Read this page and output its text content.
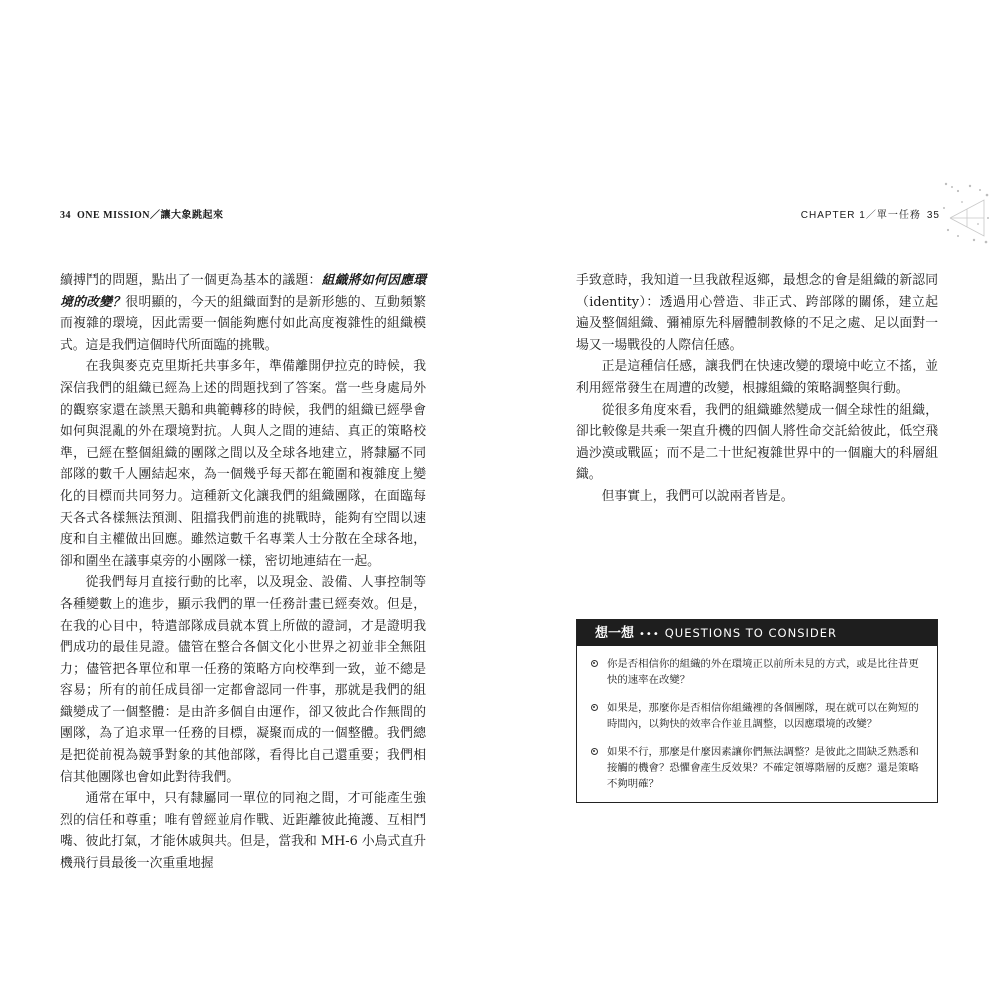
34 ONE MISSION／讓大象跳起來	CHAPTER 1／單一任務 35

續搏鬥的問題，點出了一個更為基本的議題：組織將如何因應環境的改變？很明顯的，今天的組織面對的是新形態的、互動頻繁而複雜的環境，因此需要一個能夠應付如此高度複雜性的組織模式。這是我們這個時代所面臨的挑戰。

在我與麥克克里斯托共事多年，準備離開伊拉克的時候，我深信我們的組織已經為上述的問題找到了答案。當一些身處局外的觀察家還在談黑天鵝和典範轉移的時候，我們的組織已經學會如何與混亂的外在環境對抗。人與人之間的連結、真正的策略校準，已經在整個組織的團隊之間以及全球各地建立，將隸屬不同部隊的數千人團結起來，為一個幾乎每天都在範圍和複雜度上變化的目標而共同努力。這種新文化讓我們的組織團隊，在面臨每天各式各樣無法預測、阻擋我們前進的挑戰時，能夠有空間以速度和自主權做出回應。雖然這數千名專業人士分散在全球各地，卻和圍坐在議事桌旁的小團隊一樣，密切地連結在一起。

從我們每月直接行動的比率，以及現金、設備、人事控制等各種變數上的進步，顯示我們的單一任務計畫已經奏效。但是，在我的心目中，特遣部隊成員就本質上所做的證詞，才是證明我們成功的最佳見證。儘管在整合各個文化小世界之初並非全無阻力；儘管把各單位和單一任務的策略方向校準到一致，並不總是容易；所有的前任成員卻一定都會認同一件事，那就是我們的組織變成了一個整體：是由許多個自由運作，卻又彼此合作無間的團隊，為了追求單一任務的目標，凝聚而成的一個整體。我們總是把從前視為競爭對象的其他部隊，看得比自己還重要；我們相信其他團隊也會如此對待我們。

通常在軍中，只有隸屬同一單位的同袍之間，才可能產生強烈的信任和尊重；唯有曾經並肩作戰、近距離彼此掩護、互相鬥嘴、彼此打氣，才能休戚與共。但是，當我和 MH-6 小鳥式直升機飛行員最後一次重重地握

手致意時，我知道一旦我啟程返鄉，最想念的會是組織的新認同（identity）：透過用心營造、非正式、跨部隊的關係，建立起遍及整個組織、彌補原先科層體制教條的不足之處、足以面對一場又一場戰役的人際信任感。

正是這種信任感，讓我們在快速改變的環境中屹立不搖，並利用經常發生在周遭的改變，根據組織的策略調整與行動。

從很多角度來看，我們的組織雖然變成一個全球性的組織，卻比較像是共乘一架直升機的四個人將性命交託給彼此，低空飛過沙漠或戰區；而不是二十世紀複雜世界中的一個龐大的科層組織。

但事實上，我們可以說兩者皆是。

想一想 ••• QUESTIONS TO CONSIDER
你是否相信你的組織的外在環境正以前所未見的方式，或是比往昔更快的速率在改變？
如果是，那麼你是否相信你組織裡的各個團隊，現在就可以在夠短的時間內，以夠快的效率合作並且調整，以因應環境的改變？
如果不行，那麼是什麼因素讓你們無法調整？是彼此之間缺乏熟悉和接觸的機會？恐懼會產生反效果？不確定領導階層的反應？還是策略不夠明確？
